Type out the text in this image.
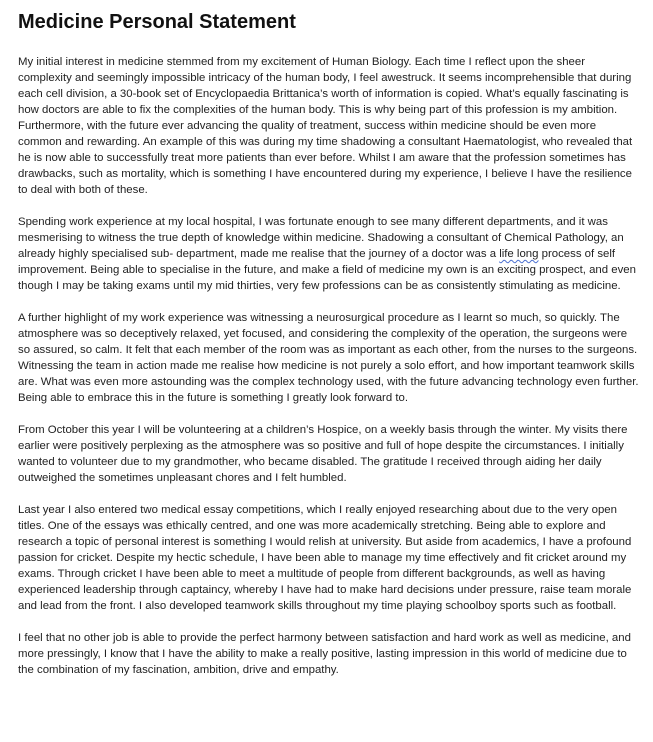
Medicine Personal Statement

My initial interest in medicine stemmed from my excitement of Human Biology. Each time I reflect upon the sheer complexity and seemingly impossible intricacy of the human body, I feel awestruck. It seems incomprehensible that during each cell division, a 30-book set of Encyclopaedia Brittanica’s worth of information is copied. What’s equally fascinating is how doctors are able to fix the complexities of the human body. This is why being part of this profession is my ambition. Furthermore, with the future ever advancing the quality of treatment, success within medicine should be even more common and rewarding. An example of this was during my time shadowing a consultant Haematologist, who revealed that he is now able to successfully treat more patients than ever before. Whilst I am aware that the profession sometimes has drawbacks, such as mortality, which is something I have encountered during my experience, I believe I have the resilience to deal with both of these.

Spending work experience at my local hospital, I was fortunate enough to see many different departments, and it was mesmerising to witness the true depth of knowledge within medicine. Shadowing a consultant of Chemical Pathology, an already highly specialised sub- department, made me realise that the journey of a doctor was a life long process of self improvement. Being able to specialise in the future, and make a field of medicine my own is an exciting prospect, and even though I may be taking exams until my mid thirties, very few professions can be as consistently stimulating as medicine.

A further highlight of my work experience was witnessing a neurosurgical procedure as I learnt so much, so quickly. The atmosphere was so deceptively relaxed, yet focused, and considering the complexity of the operation, the surgeons were so assured, so calm. It felt that each member of the room was as important as each other, from the nurses to the surgeons. Witnessing the team in action made me realise how medicine is not purely a solo effort, and how important teamwork skills are. What was even more astounding was the complex technology used, with the future advancing technology even further. Being able to embrace this in the future is something I greatly look forward to.

From October this year I will be volunteering at a children’s Hospice, on a weekly basis through the winter. My visits there earlier were positively perplexing as the atmosphere was so positive and full of hope despite the circumstances. I initially wanted to volunteer due to my grandmother, who became disabled. The gratitude I received through aiding her daily outweighed the sometimes unpleasant chores and I felt humbled.

Last year I also entered two medical essay competitions, which I really enjoyed researching about due to the very open titles. One of the essays was ethically centred, and one was more academically stretching. Being able to explore and research a topic of personal interest is something I would relish at university. But aside from academics, I have a profound passion for cricket. Despite my hectic schedule, I have been able to manage my time effectively and fit cricket around my exams. Through cricket I have been able to meet a multitude of people from different backgrounds, as well as having experienced leadership through captaincy, whereby I have had to make hard decisions under pressure, raise team morale and lead from the front. I also developed teamwork skills throughout my time playing schoolboy sports such as football.

I feel that no other job is able to provide the perfect harmony between satisfaction and hard work as well as medicine, and more pressingly, I know that I have the ability to make a really positive, lasting impression in this world of medicine due to the combination of my fascination, ambition, drive and empathy.
